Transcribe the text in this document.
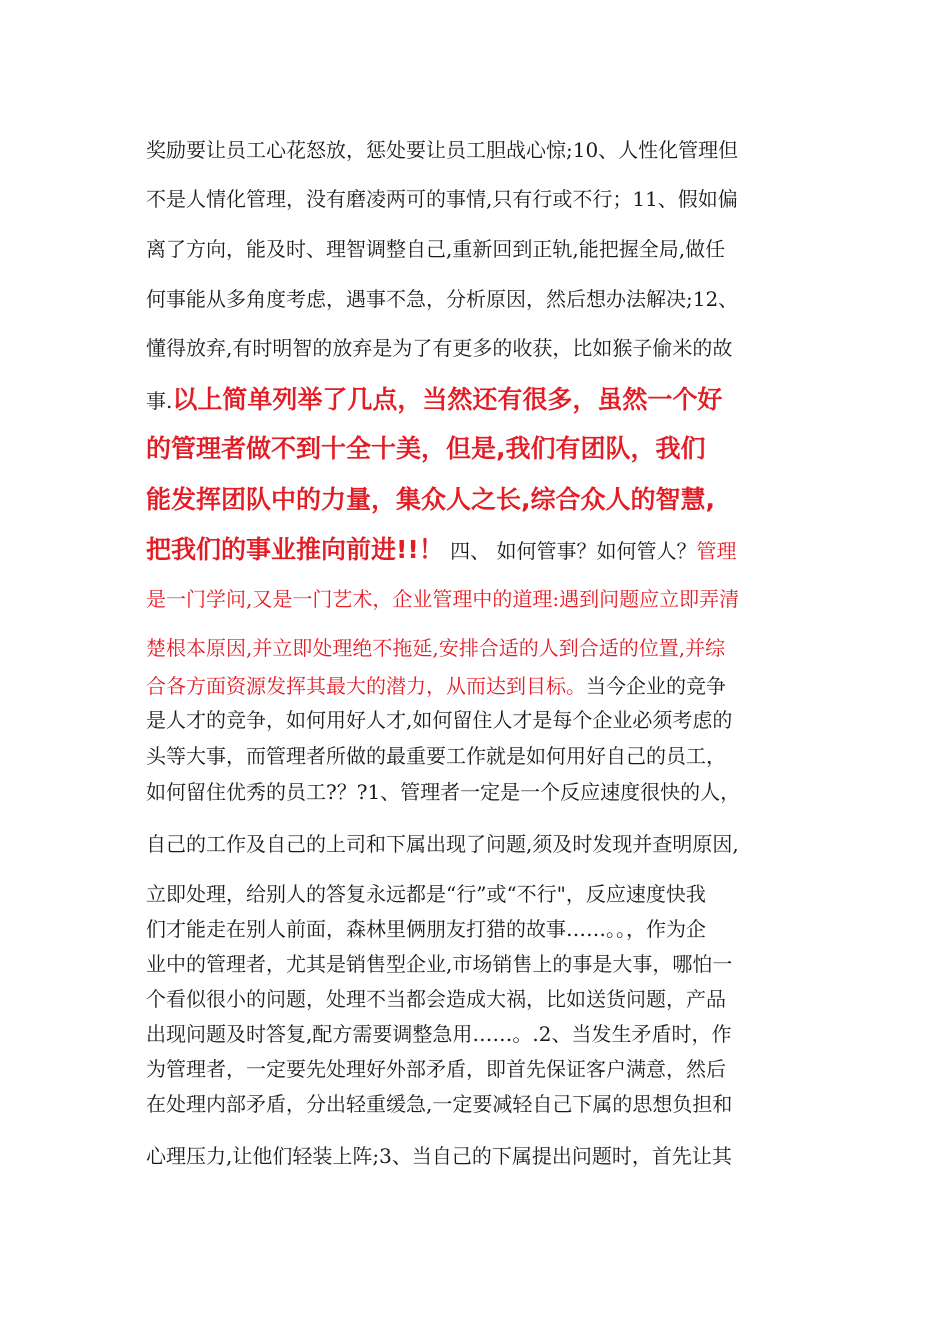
奖励要让员工心花怒放，惩处要让员工胆战心惊;10、人性化管理但
不是人情化管理，没有磨凌两可的事情,只有行或不行；11、假如偏
离了方向，能及时、理智调整自己,重新回到正轨,能把握全局,做任
何事能从多角度考虑，遇事不急，分析原因，然后想办法解决;12、
懂得放弃,有时明智的放弃是为了有更多的收获，比如猴子偷米的故
事.以上简单列举了几点，当然还有很多，虽然一个好
的管理者做不到十全十美，但是,我们有团队，我们
能发挥团队中的力量，集众人之长,综合众人的智慧,
把我们的事业推向前进!!！ 四、 如何管事？如何管人？管理
是一门学问,又是一门艺术，企业管理中的道理:遇到问题应立即弄清
楚根本原因,并立即处理绝不拖延,安排合适的人到合适的位置,并综
合各方面资源发挥其最大的潜力，从而达到目标。当今企业的竞争
是人才的竞争，如何用好人才,如何留住人才是每个企业必须考虑的
头等大事，而管理者所做的最重要工作就是如何用好自己的员工，
如何留住优秀的员工?？?1、管理者一定是一个反应速度很快的人，
自己的工作及自己的上司和下属出现了问题,须及时发现并查明原因,
立即处理，给别人的答复永远都是“行”或“不行"，反应速度快我
们才能走在别人前面，森林里俩朋友打猎的故事……。。，作为企
业中的管理者，尤其是销售型企业,市场销售上的事是大事，哪怕一
个看似很小的问题，处理不当都会造成大祸，比如送货问题，产品
出现问题及时答复,配方需要调整急用……。.2、当发生矛盾时，作
为管理者，一定要先处理好外部矛盾，即首先保证客户满意，然后
在处理内部矛盾，分出轻重缓急,一定要减轻自己下属的思想负担和
心理压力,让他们轻装上阵;3、当自己的下属提出问题时，首先让其
